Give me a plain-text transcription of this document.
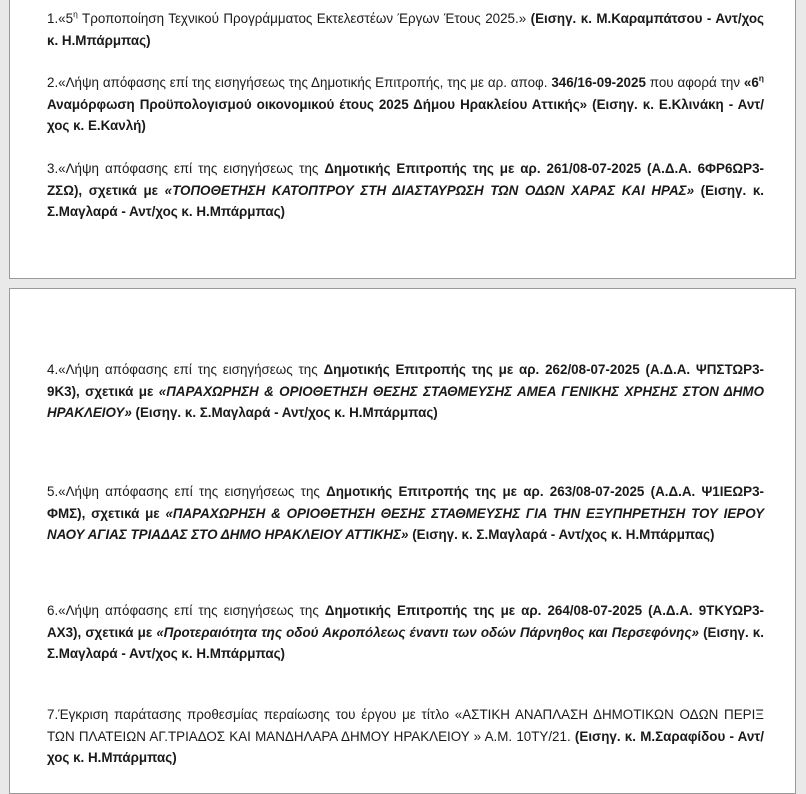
$1.«5^\eta$ Τροποποίηση Τεχνικού Προγράμματος Εκτελεστέων Έργων Έτους 2025.» (Εισηγ. κ. Μ.Καραμπάτσου - Αντ/χος κ. Η.Μπάρμπας)
2.«Λήψη απόφασης επί της εισηγήσεως της Δημοτικής Επιτροπής, της με αρ. αποφ. 346/16-09-2025 που αφορά την «$6^\eta$ Αναμόρφωση Προϋπολογισμού οικονομικού έτους 2025 Δήμου Ηρακλείου Αττικής» (Εισηγ. κ. Ε.Κλινάκη - Αντ/χος κ. Ε.Κανλή)
3.«Λήψη απόφασης επί της εισηγήσεως της Δημοτικής Επιτροπής της με αρ. 261/08-07-2025 (Α.Δ.Α. 6ΦΡ6ΩΡ3-ΖΣΩ), σχετικά με «ΤΟΠΟΘΕΤΗΣΗ ΚΑΤΟΠΤΡΟΥ ΣΤΗ ΔΙΑΣΤΑΥΡΩΣΗ ΤΩΝ ΟΔΩΝ ΧΑΡΑΣ ΚΑΙ ΗΡΑΣ» (Εισηγ. κ. Σ.Μαγλαρά - Αντ/χος κ. Η.Μπάρμπας)
4.«Λήψη απόφασης επί της εισηγήσεως της Δημοτικής Επιτροπής της με αρ. 262/08-07-2025 (Α.Δ.Α. ΨΠΣΤΩΡ3-9Κ3), σχετικά με «ΠΑΡΑΧΩΡΗΣΗ & ΟΡΙΟΘΕΤΗΣΗ ΘΕΣΗΣ ΣΤΑΘΜΕΥΣΗΣ ΑΜΕΑ ΓΕΝΙΚΗΣ ΧΡΗΣΗΣ ΣΤΟΝ ΔΗΜΟ ΗΡΑΚΛΕΙΟΥ» (Εισηγ. κ. Σ.Μαγλαρά - Αντ/χος κ. Η.Μπάρμπας)
5.«Λήψη απόφασης επί της εισηγήσεως της Δημοτικής Επιτροπής της με αρ. 263/08-07-2025 (Α.Δ.Α. Ψ1ΙΕΩΡ3-ΦΜΣ), σχετικά με «ΠΑΡΑΧΩΡΗΣΗ & ΟΡΙΟΘΕΤΗΣΗ ΘΕΣΗΣ ΣΤΑΘΜΕΥΣΗΣ ΓΙΑ ΤΗΝ ΕΞΥΠΗΡΕΤΗΣΗ ΤΟΥ ΙΕΡΟΥ ΝΑΟΥ ΑΓΙΑΣ ΤΡΙΑΔΑΣ ΣΤΟ ΔΗΜΟ ΗΡΑΚΛΕΙΟΥ ΑΤΤΙΚΗΣ» (Εισηγ. κ. Σ.Μαγλαρά - Αντ/χος κ. Η.Μπάρμπας)
6.«Λήψη απόφασης επί της εισηγήσεως της Δημοτικής Επιτροπής της με αρ. 264/08-07-2025 (Α.Δ.Α. 9ΤΚΥΩΡ3-ΑΧ3), σχετικά με «Προτεραιότητα της οδού Ακροπόλεως έναντι των οδών Πάρνηθος και Περσεφόνης» (Εισηγ. κ. Σ.Μαγλαρά - Αντ/χος κ. Η.Μπάρμπας)
7.Έγκριση παράτασης προθεσμίας περαίωσης του έργου με τίτλο «ΑΣΤΙΚΗ ΑΝΑΠΛΑΣΗ ΔΗΜΟΤΙΚΩΝ ΟΔΩΝ ΠΕΡΙΞ ΤΩΝ ΠΛΑΤΕΙΩΝ ΑΓ.ΤΡΙΑΔΟΣ ΚΑΙ ΜΑΝΔΗΛΑΡΑ ΔΗΜΟΥ ΗΡΑΚΛΕΙΟΥ » Α.Μ. 10ΤΥ/21. (Εισηγ. κ. Μ.Σαραφίδου - Αντ/χος κ. Η.Μπάρμπας)
